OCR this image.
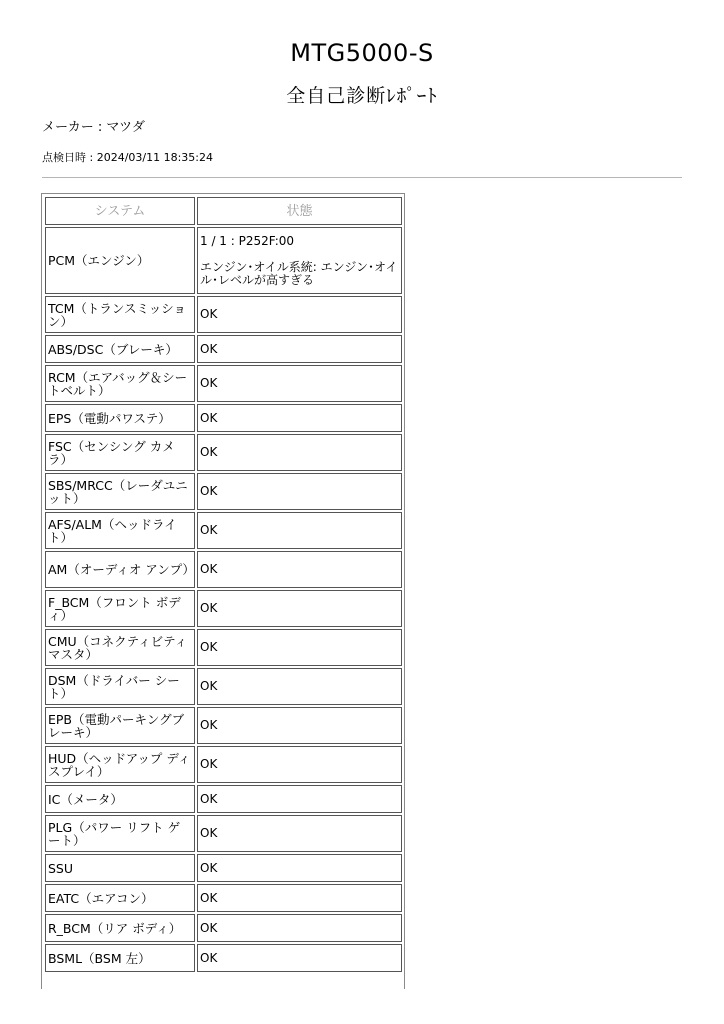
MTG5000-S
全自己診断ﾚﾎﾟｰﾄ
メーカー : マツダ
点検日時 : 2024/03/11 18:35:24
システム	状態
PCM（エンジン）	1 / 1 : P252F:00
エンジン･オイル系統: エンジン･オイル･レベルが高すぎる

TCM（トランスミッション）	OK
ABS/DSC（ブレーキ）	OK
RCM（エアバッグ＆シートベルト）	OK
EPS（電動パワステ）	OK
FSC（センシング カメラ）	OK
SBS/MRCC（レーダユニット）	OK
AFS/ALM（ヘッドライト）	OK
AM（オーディオ アンプ）	OK
F_BCM（フロント ボディ）	OK
CMU（コネクティビティマスタ）	OK
DSM（ドライバー シート）	OK
EPB（電動パーキングブレーキ）	OK
HUD（ヘッドアップ ディスプレイ）	OK
IC（メータ）	OK
PLG（パワー リフト ゲート）	OK
SSU	OK
EATC（エアコン）	OK
R_BCM（リア ボディ）	OK
BSML（BSM 左）	OK
